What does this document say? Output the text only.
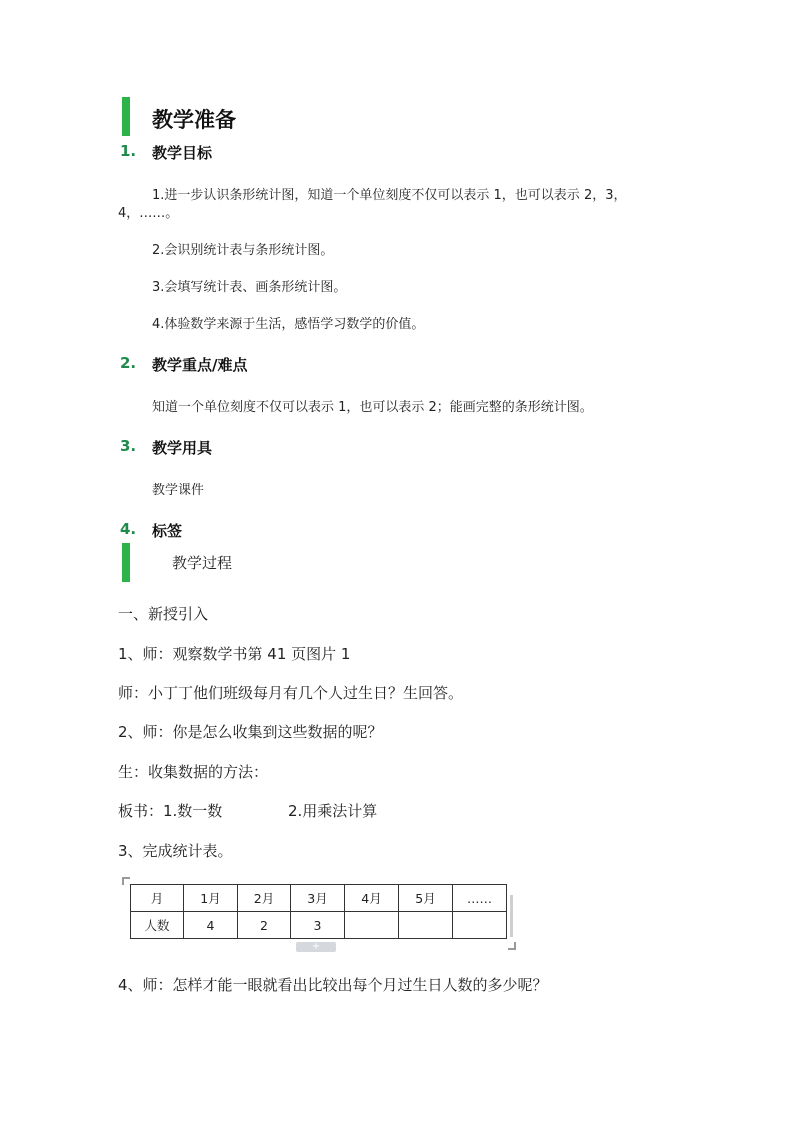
教学准备
1. 教学目标
1.进一步认识条形统计图，知道一个单位刻度不仅可以表示 1，也可以表示 2，3，
4，……。
2.会识别统计表与条形统计图。
3.会填写统计表、画条形统计图。
4.体验数学来源于生活，感悟学习数学的价值。
2. 教学重点/难点
知道一个单位刻度不仅可以表示 1，也可以表示 2；能画完整的条形统计图。
3. 教学用具
教学课件
4. 标签
教学过程
一、新授引入
1、师：观察数学书第 41 页图片 1
师：小丁丁他们班级每月有几个人过生日？生回答。
2、师：你是怎么收集到这些数据的呢？
生：收集数据的方法：
板书：1.数一数	2.用乘法计算
3、完成统计表。
月	1月	2月	3月	4月	5月	……
人数	4	2	3			
+
4、师：怎样才能一眼就看出比较出每个月过生日人数的多少呢？
